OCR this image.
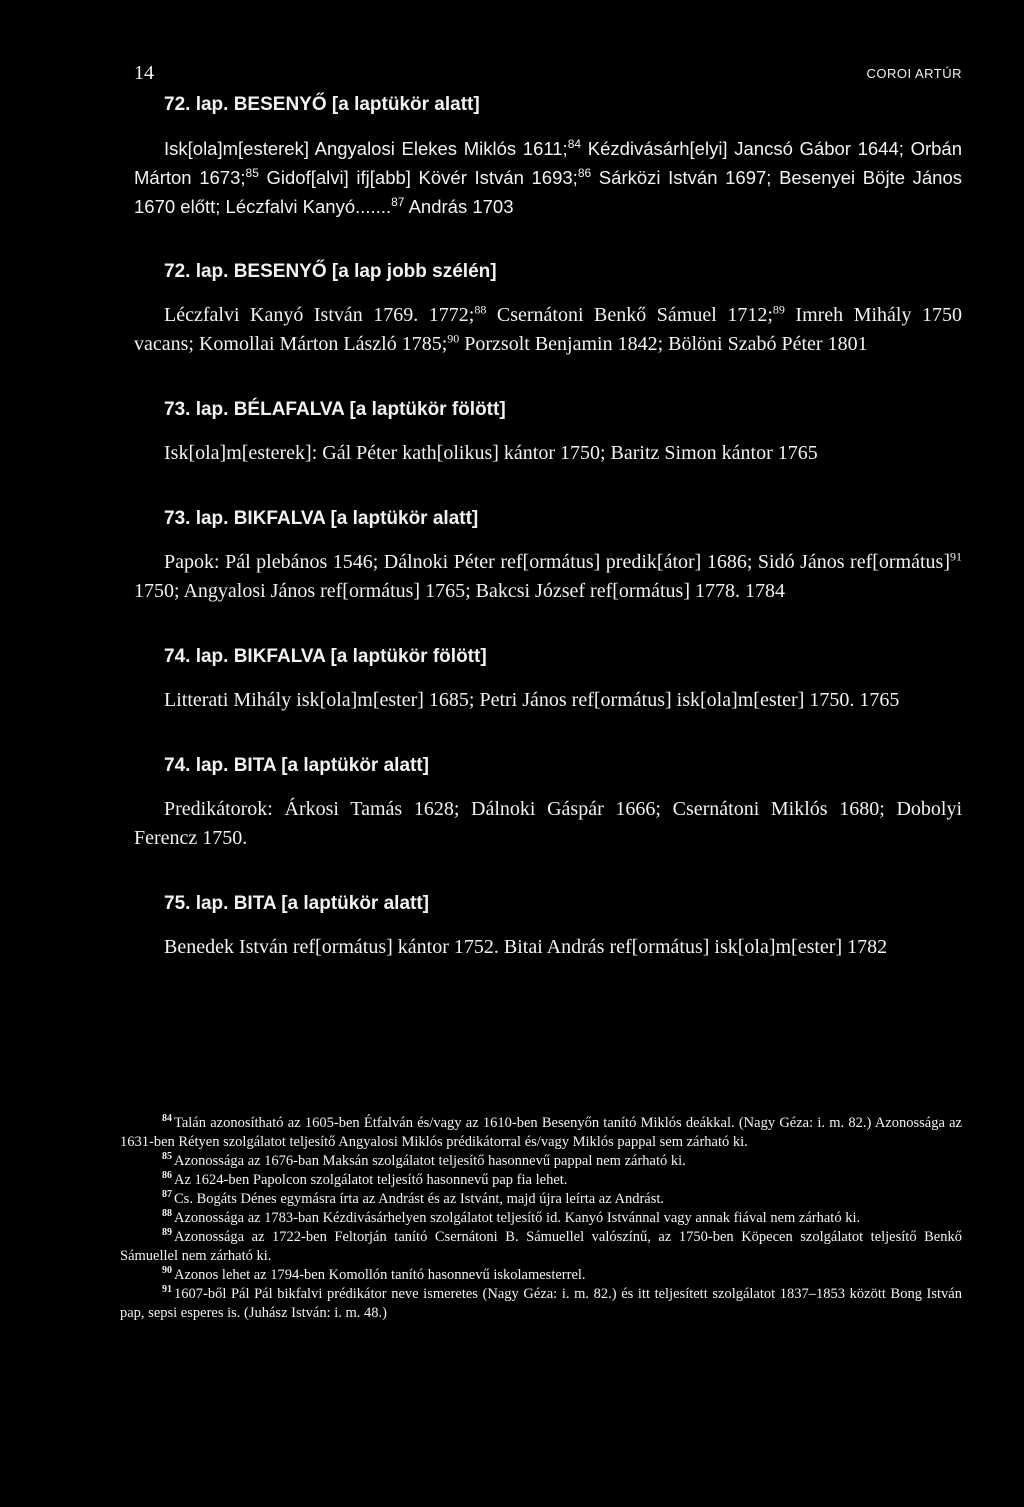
14	COROI ARTÚR
72. lap. BESENYŐ [a laptükör alatt]

Isk[ola]m[esterek] Angyalosi Elekes Miklós 1611;$^{84}$ Kézdivásárh[elyi] Jancsó Gábor 1644; Orbán Márton 1673;$^{85}$ Gidof[alvi] ifj[abb] Kövér István 1693;$^{86}$ Sárközi István 1697; Besenyei Böjte János 1670 előtt; Léczfalvi Kanyó.......$^{87}$ András 1703

72. lap. BESENYŐ [a lap jobb szélén]

Léczfalvi Kanyó István 1769. 1772;$^{88}$ Csernátoni Benkő Sámuel 1712;$^{89}$ Imreh Mihály 1750 vacans; Komollai Márton László 1785;$^{90}$ Porzsolt Benjamin 1842; Bölöni Szabó Péter 1801

73. lap. BÉLAFALVA [a laptükör fölött]

Isk[ola]m[esterek]: Gál Péter kath[olikus] kántor 1750; Baritz Simon kántor 1765

73. lap. BIKFALVA [a laptükör alatt]

Papok: Pál plebános 1546; Dálnoki Péter ref[ormátus] predik[átor] 1686; Sidó János ref[ormátus]$^{91}$ 1750; Angyalosi János ref[ormátus] 1765; Bakcsi József ref[ormátus] 1778. 1784

74. lap. BIKFALVA [a laptükör fölött]

Litterati Mihály isk[ola]m[ester] 1685; Petri János ref[ormátus] isk[ola]m[ester] 1750. 1765

74. lap. BITA [a laptükör alatt]

Predikátorok: Árkosi Tamás 1628; Dálnoki Gáspár 1666; Csernátoni Miklós 1680; Dobolyi Ferencz 1750.

75. lap. BITA [a laptükör alatt]

Benedek István ref[ormátus] kántor 1752. Bitai András ref[ormátus] isk[ola]m[ester] 1782

$^{84}$ Talán azonosítható az 1605-ben Étfalván és/vagy az 1610-ben Besenyőn tanító Miklós deákkal. (Nagy Géza: i. m. 82.) Azonossága az 1631-ben Rétyen szolgálatot teljesítő Angyalosi Miklós prédikátorral és/vagy Miklós pappal sem zárható ki.

$^{85}$ Azonossága az 1676-ban Maksán szolgálatot teljesítő hasonnevű pappal nem zárható ki.

$^{86}$ Az 1624-ben Papolcon szolgálatot teljesítő hasonnevű pap fia lehet.

$^{87}$ Cs. Bogáts Dénes egymásra írta az Andrást és az Istvánt, majd újra leírta az Andrást.

$^{88}$ Azonossága az 1783-ban Kézdivásárhelyen szolgálatot teljesítő id. Kanyó Istvánnal vagy annak fiával nem zárható ki.

$^{89}$ Azonossága az 1722-ben Feltorján tanító Csernátoni B. Sámuellel valószínű, az 1750-ben Köpecen szolgálatot teljesítő Benkő Sámuellel nem zárható ki.

$^{90}$ Azonos lehet az 1794-ben Komollón tanító hasonnevű iskolamesterrel.

$^{91}$ 1607-ből Pál Pál bikfalvi prédikátor neve ismeretes (Nagy Géza: i. m. 82.) és itt teljesített szolgálatot 1837–1853 között Bong István pap, sepsi esperes is. (Juhász István: i. m. 48.)
